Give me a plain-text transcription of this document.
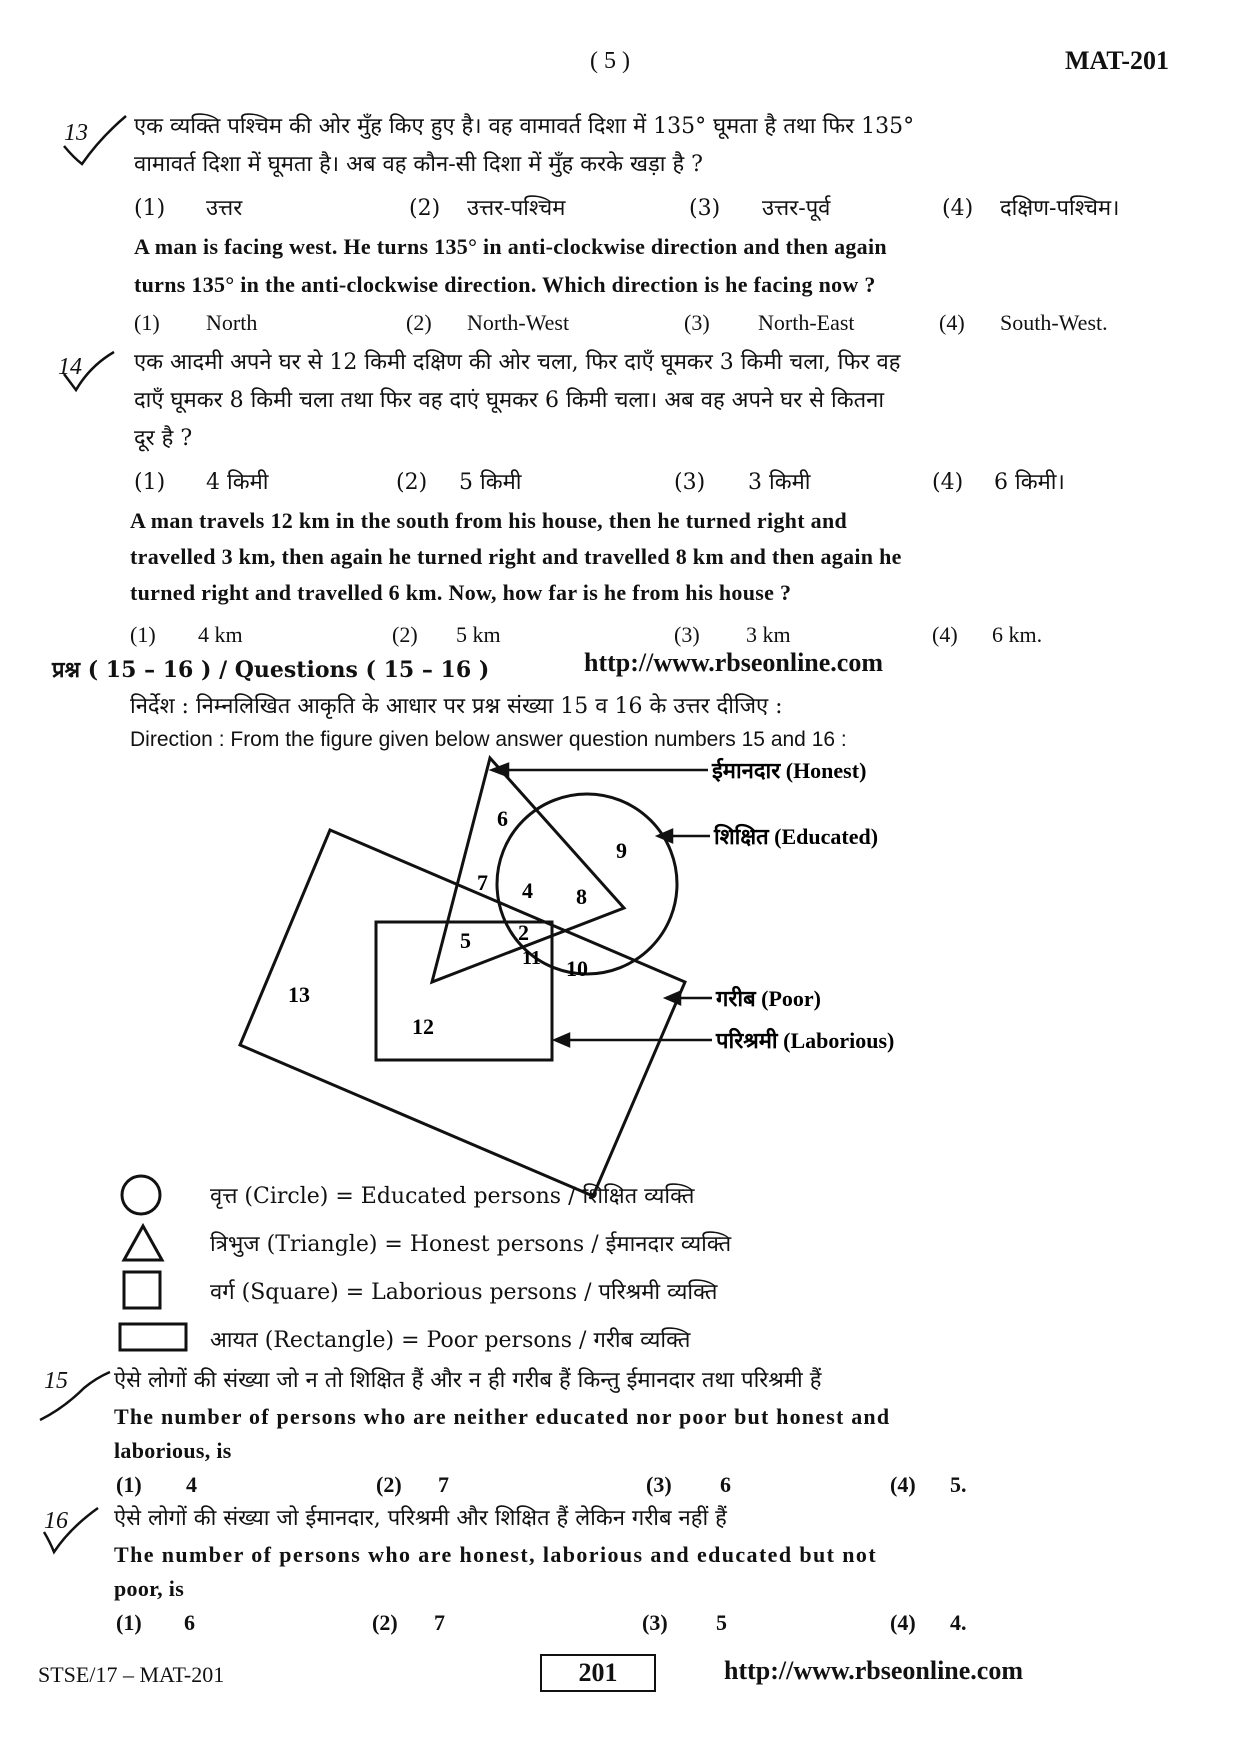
( 5 )	MAT-201
13 एक व्यक्ति पश्चिम की ओर मुँह किए हुए है। वह वामावर्त दिशा में 135° घूमता है तथा फिर 135°
वामावर्त दिशा में घूमता है। अब वह कौन-सी दिशा में मुँह करके खड़ा है ?
(1) उत्तर	(2) उत्तर-पश्चिम	(3) उत्तर-पूर्व	(4) दक्षिण-पश्चिम।
A man is facing west. He turns 135° in anti-clockwise direction and then again
turns 135° in the anti-clockwise direction. Which direction is he facing now ?
(1) North	(2) North-West	(3) North-East	(4) South-West.
14 एक आदमी अपने घर से 12 किमी दक्षिण की ओर चला, फिर दाएँ घूमकर 3 किमी चला, फिर वह
दाएँ घूमकर 8 किमी चला तथा फिर वह दाएं घूमकर 6 किमी चला। अब वह अपने घर से कितना
दूर है ?
(1) 4 किमी	(2) 5 किमी	(3) 3 किमी	(4) 6 किमी।
A man travels 12 km in the south from his house, then he turned right and
travelled 3 km, then again he turned right and travelled 8 km and then again he
turned right and travelled 6 km. Now, how far is he from his house ?
(1) 4 km	(2) 5 km	(3) 3 km	(4) 6 km.
प्रश्न ( 15 – 16 ) / Questions ( 15 – 16 )	http://www.rbseonline.com
निर्देश : निम्नलिखित आकृति के आधार पर प्रश्न संख्या 15 व 16 के उत्तर दीजिए :
Direction : From the figure given below answer question numbers 15 and 16 :
ईमानदार (Honest)
शिक्षित (Educated)
गरीब (Poor)
परिश्रमी (Laborious)
6
9
7 4 8
5 2
11 10
13
12
वृत्त (Circle) = Educated persons / शिक्षित व्यक्ति
त्रिभुज (Triangle) = Honest persons / ईमानदार व्यक्ति
वर्ग (Square) = Laborious persons / परिश्रमी व्यक्ति
आयत (Rectangle) = Poor persons / गरीब व्यक्ति
15 ऐसे लोगों की संख्या जो न तो शिक्षित हैं और न ही गरीब हैं किन्तु ईमानदार तथा परिश्रमी हैं
The number of persons who are neither educated nor poor but honest and
laborious, is
(1) 4	(2) 7	(3) 6	(4) 5.
16 ऐसे लोगों की संख्या जो ईमानदार, परिश्रमी और शिक्षित हैं लेकिन गरीब नहीं हैं
The number of persons who are honest, laborious and educated but not
poor, is
(1) 6	(2) 7	(3) 5	(4) 4.
STSE/17 – MAT-201	201	http://www.rbseonline.com
